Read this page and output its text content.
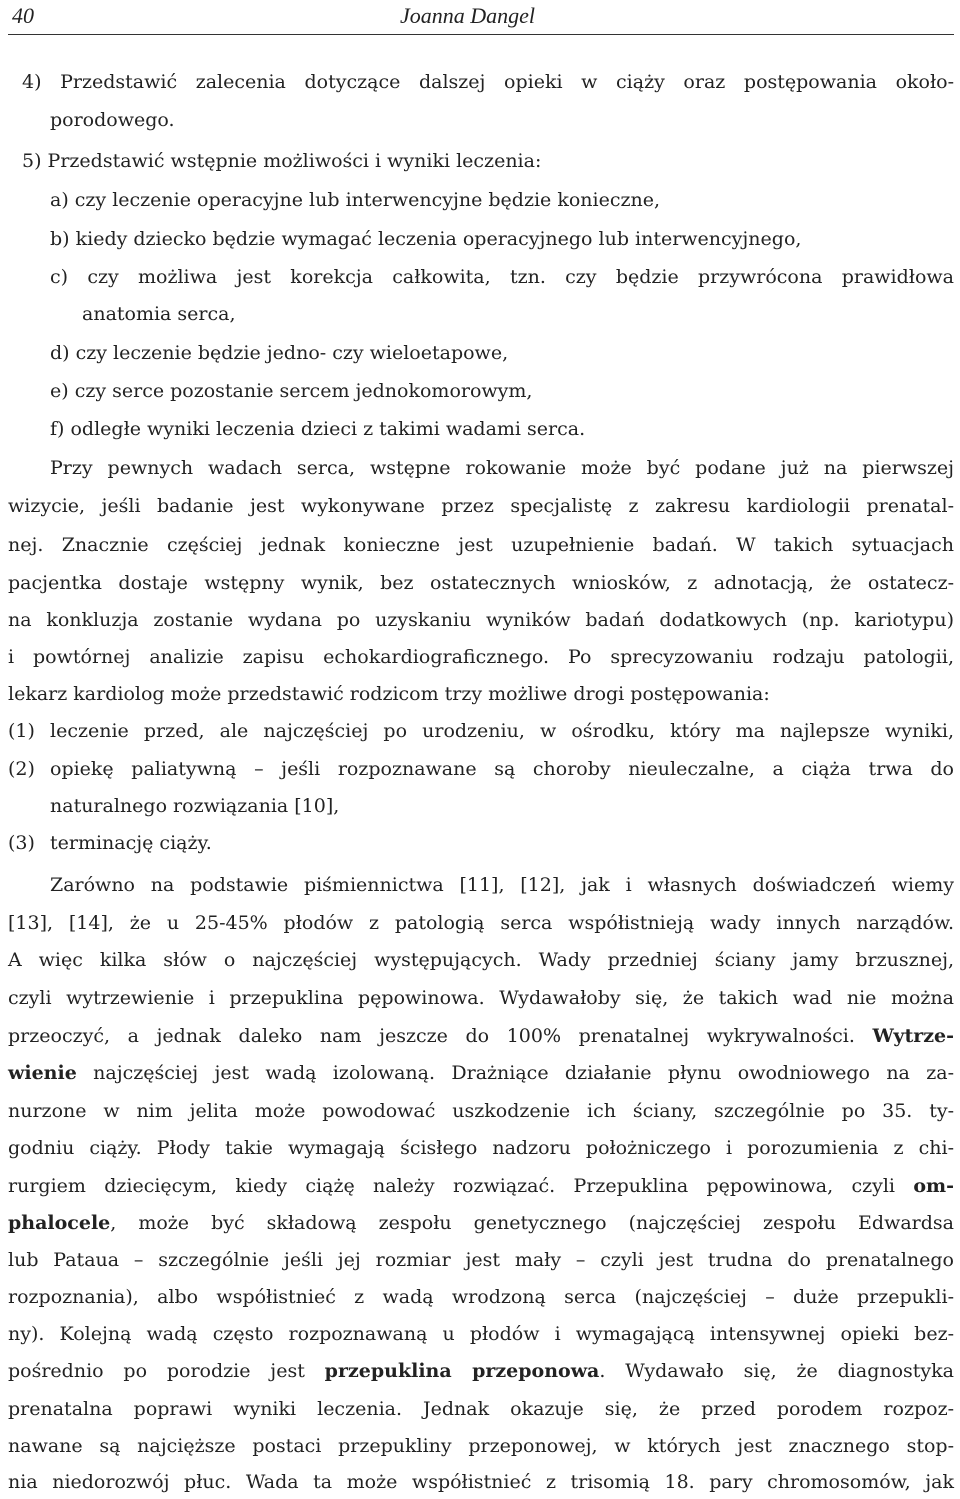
40	Joanna Dangel
4) Przedstawić zalecenia dotyczące dalszej opieki w ciąży oraz postępowania około-
porodowego.
5) Przedstawić wstępnie możliwości i wyniki leczenia:
a) czy leczenie operacyjne lub interwencyjne będzie konieczne,
b) kiedy dziecko będzie wymagać leczenia operacyjnego lub interwencyjnego,
c) czy możliwa jest korekcja całkowita, tzn. czy będzie przywrócona prawidłowa
anatomia serca,
d) czy leczenie będzie jedno- czy wieloetapowe,
e) czy serce pozostanie sercem jednokomorowym,
f) odległe wyniki leczenia dzieci z takimi wadami serca.
Przy pewnych wadach serca, wstępne rokowanie może być podane już na pierwszej
wizycie, jeśli badanie jest wykonywane przez specjalistę z zakresu kardiologii prenatal-
nej. Znacznie częściej jednak konieczne jest uzupełnienie badań. W takich sytuacjach
pacjentka dostaje wstępny wynik, bez ostatecznych wniosków, z adnotacją, że ostatecz-
na konkluzja zostanie wydana po uzyskaniu wyników badań dodatkowych (np. kariotypu)
i powtórnej analizie zapisu echokardiograficznego. Po sprecyzowaniu rodzaju patologii,
lekarz kardiolog może przedstawić rodzicom trzy możliwe drogi postępowania:
(1) leczenie przed, ale najczęściej po urodzeniu, w ośrodku, który ma najlepsze wyniki,
(2) opiekę paliatywną – jeśli rozpoznawane są choroby nieuleczalne, a ciąża trwa do
naturalnego rozwiązania [10],
(3) terminację ciąży.
Zarówno na podstawie piśmiennictwa [11], [12], jak i własnych doświadczeń wiemy
[13], [14], że u 25-45% płodów z patologią serca współistnieją wady innych narządów.
A więc kilka słów o najczęściej występujących. Wady przedniej ściany jamy brzusznej,
czyli wytrzewienie i przepuklina pępowinowa. Wydawałoby się, że takich wad nie można
przeoczyć, a jednak daleko nam jeszcze do 100% prenatalnej wykrywalności. Wytrze-
wienie najczęściej jest wadą izolowaną. Drażniące działanie płynu owodniowego na za-
nurzone w nim jelita może powodować uszkodzenie ich ściany, szczególnie po 35. ty-
godniu ciąży. Płody takie wymagają ścisłego nadzoru położniczego i porozumienia z chi-
rurgiem dziecięcym, kiedy ciążę należy rozwiązać. Przepuklina pępowinowa, czyli om-
phalocele, może być składową zespołu genetycznego (najczęściej zespołu Edwardsa
lub Pataua – szczególnie jeśli jej rozmiar jest mały – czyli jest trudna do prenatalnego
rozpoznania), albo współistnieć z wadą wrodzoną serca (najczęściej – duże przepukli-
ny). Kolejną wadą często rozpoznawaną u płodów i wymagającą intensywnej opieki bez-
pośrednio po porodzie jest przepuklina przeponowa. Wydawało się, że diagnostyka
prenatalna poprawi wyniki leczenia. Jednak okazuje się, że przed porodem rozpoz-
nawane są najcięższe postaci przepukliny przeponowej, w których jest znacznego stop-
nia niedorozwój płuc. Wada ta może współistnieć z trisomią 18. pary chromosomów, jak
